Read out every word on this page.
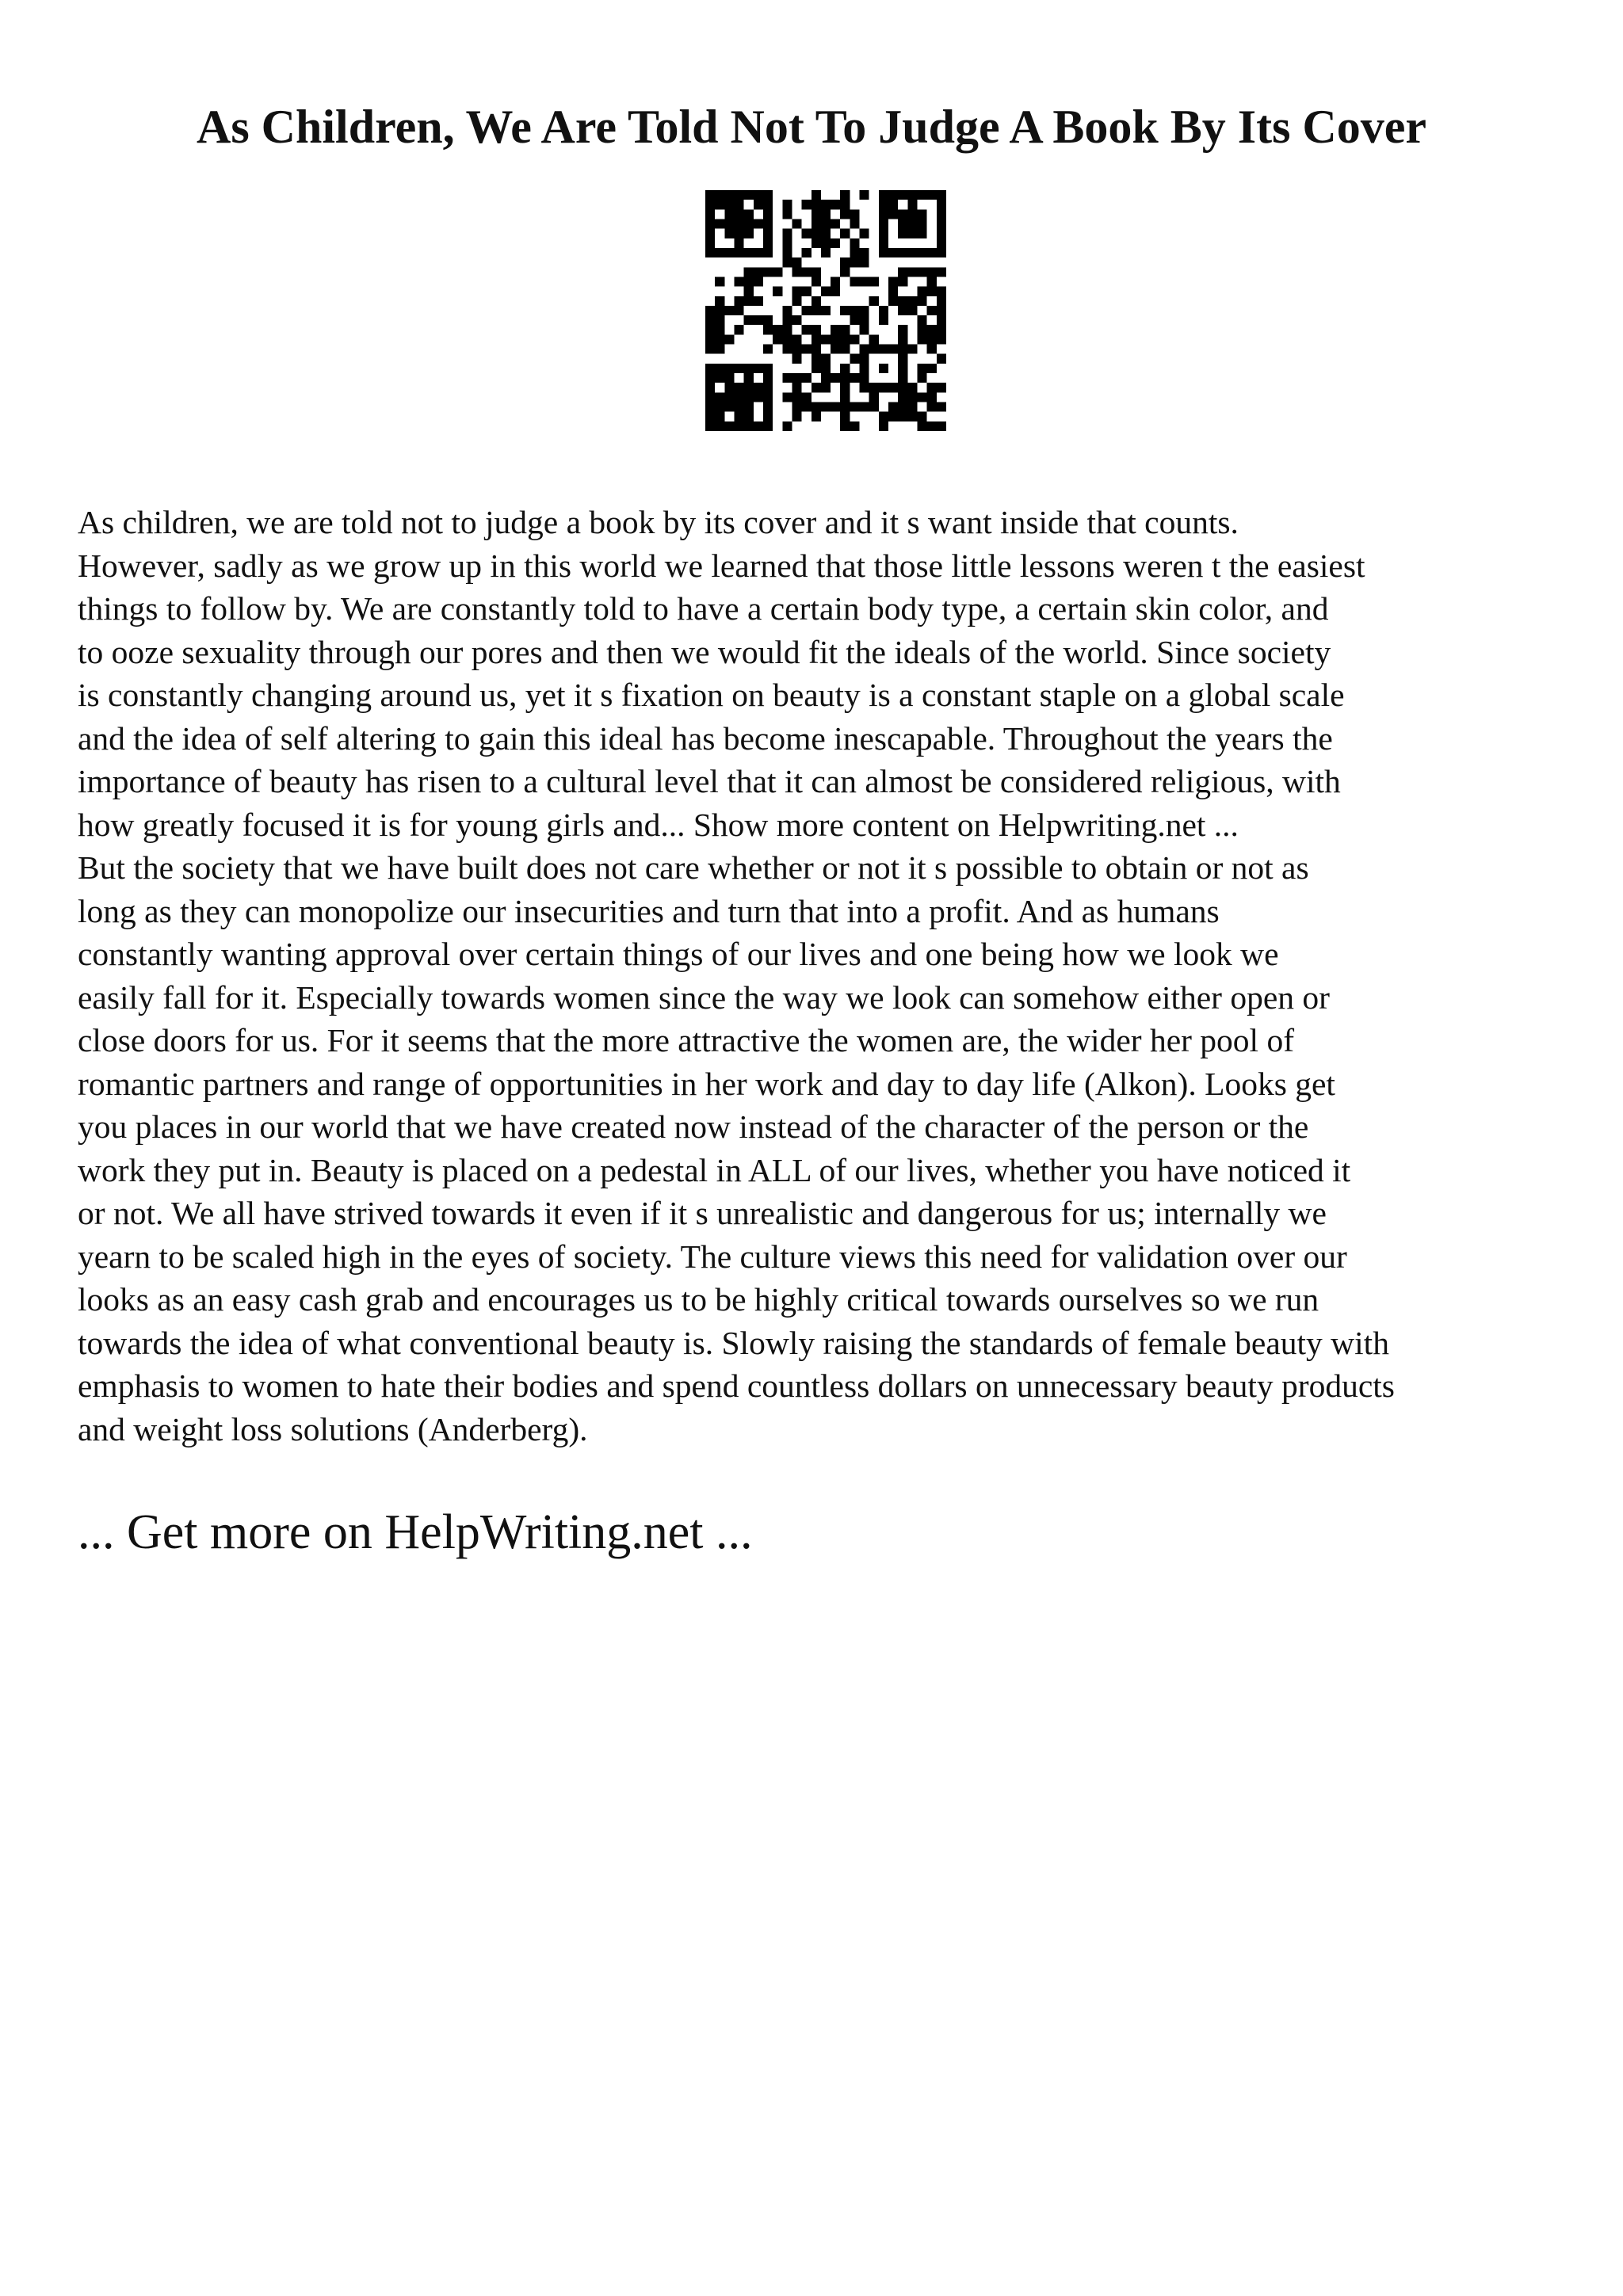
As Children, We Are Told Not To Judge A Book By Its Cover
As children, we are told not to judge a book by its cover and it s want inside that counts.
However, sadly as we grow up in this world we learned that those little lessons weren t the easiest
things to follow by. We are constantly told to have a certain body type, a certain skin color, and
to ooze sexuality through our pores and then we would fit the ideals of the world. Since society
is constantly changing around us, yet it s fixation on beauty is a constant staple on a global scale
and the idea of self altering to gain this ideal has become inescapable. Throughout the years the
importance of beauty has risen to a cultural level that it can almost be considered religious, with
how greatly focused it is for young girls and... Show more content on Helpwriting.net ...
But the society that we have built does not care whether or not it s possible to obtain or not as
long as they can monopolize our insecurities and turn that into a profit. And as humans
constantly wanting approval over certain things of our lives and one being how we look we
easily fall for it. Especially towards women since the way we look can somehow either open or
close doors for us. For it seems that the more attractive the women are, the wider her pool of
romantic partners and range of opportunities in her work and day to day life (Alkon). Looks get
you places in our world that we have created now instead of the character of the person or the
work they put in. Beauty is placed on a pedestal in ALL of our lives, whether you have noticed it
or not. We all have strived towards it even if it s unrealistic and dangerous for us; internally we
yearn to be scaled high in the eyes of society. The culture views this need for validation over our
looks as an easy cash grab and encourages us to be highly critical towards ourselves so we run
towards the idea of what conventional beauty is. Slowly raising the standards of female beauty with
emphasis to women to hate their bodies and spend countless dollars on unnecessary beauty products
and weight loss solutions (Anderberg).

... Get more on HelpWriting.net ...
